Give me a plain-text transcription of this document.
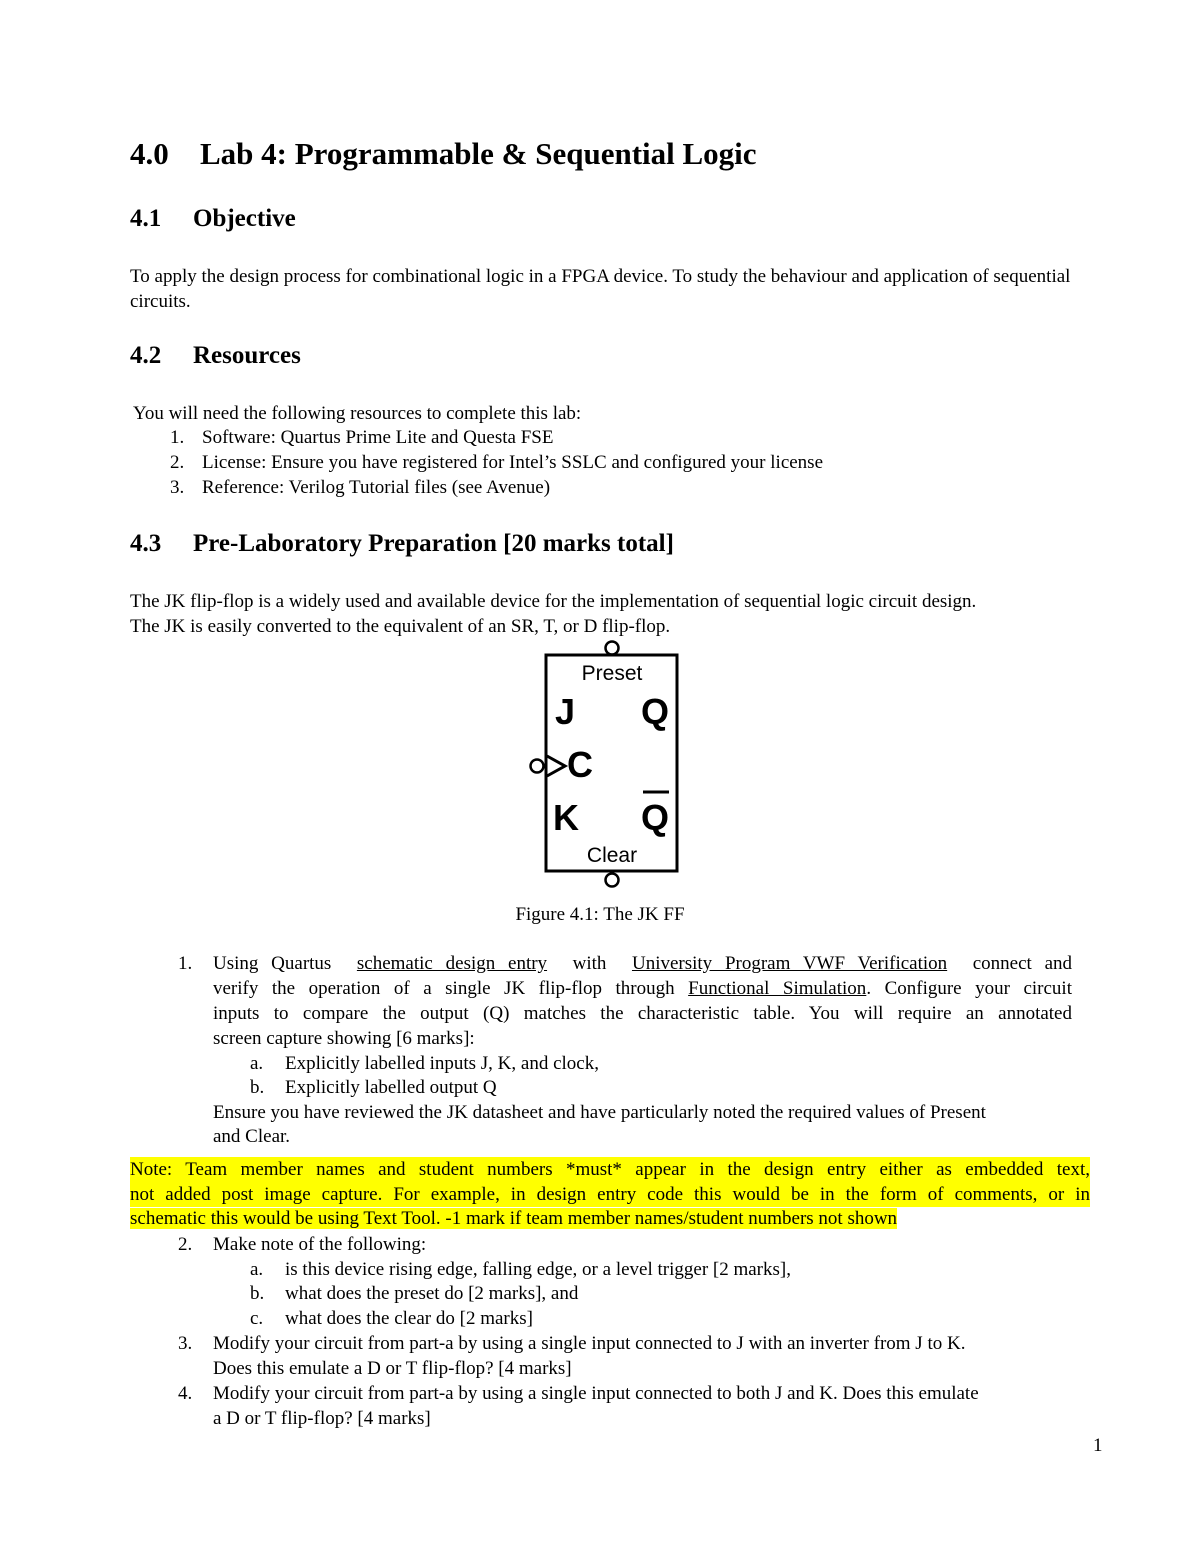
4.0 Lab 4: Programmable & Sequential Logic
4.1 Objective

To apply the design process for combinational logic in a FPGA device. To study the behaviour and application of sequential circuits.

4.2 Resources

You will need the following resources to complete this lab:

1. Software: Quartus Prime Lite and Questa FSE
2. License: Ensure you have registered for Intel’s SSLC and configured your license
3. Reference: Verilog Tutorial files (see Avenue)
4.3 Pre-Laboratory Preparation [20 marks total]

The JK flip-flop is a widely used and available device for the implementation of sequential logic circuit design.

The JK is easily converted to the equivalent of an SR, T, or D flip-flop.

Preset
J Q
C
K Q
Clear
Figure 4.1: The JK FF
1. Using Quartus schematic design entry with University Program VWF Verification connect and
verify the operation of a single JK flip-flop through Functional Simulation. Configure your circuit
inputs to compare the output (Q) matches the characteristic table. You will require an annotated
screen capture showing [6 marks]:
a. Explicitly labelled inputs J, K, and clock,
b. Explicitly labelled output Q
Ensure you have reviewed the JK datasheet and have particularly noted the required values of Present
and Clear.
Note: Team member names and student numbers *must* appear in the design entry either as embedded text,
not added post image capture. For example, in design entry code this would be in the form of comments, or in
schematic this would be using Text Tool. -1 mark if team member names/student numbers not shown
2. Make note of the following:
a. is this device rising edge, falling edge, or a level trigger [2 marks],
b. what does the preset do [2 marks], and
c. what does the clear do [2 marks]
3. Modify your circuit from part-a by using a single input connected to J with an inverter from J to K.
Does this emulate a D or T flip-flop? [4 marks]
4. Modify your circuit from part-a by using a single input connected to both J and K. Does this emulate
a D or T flip-flop? [4 marks]
1
